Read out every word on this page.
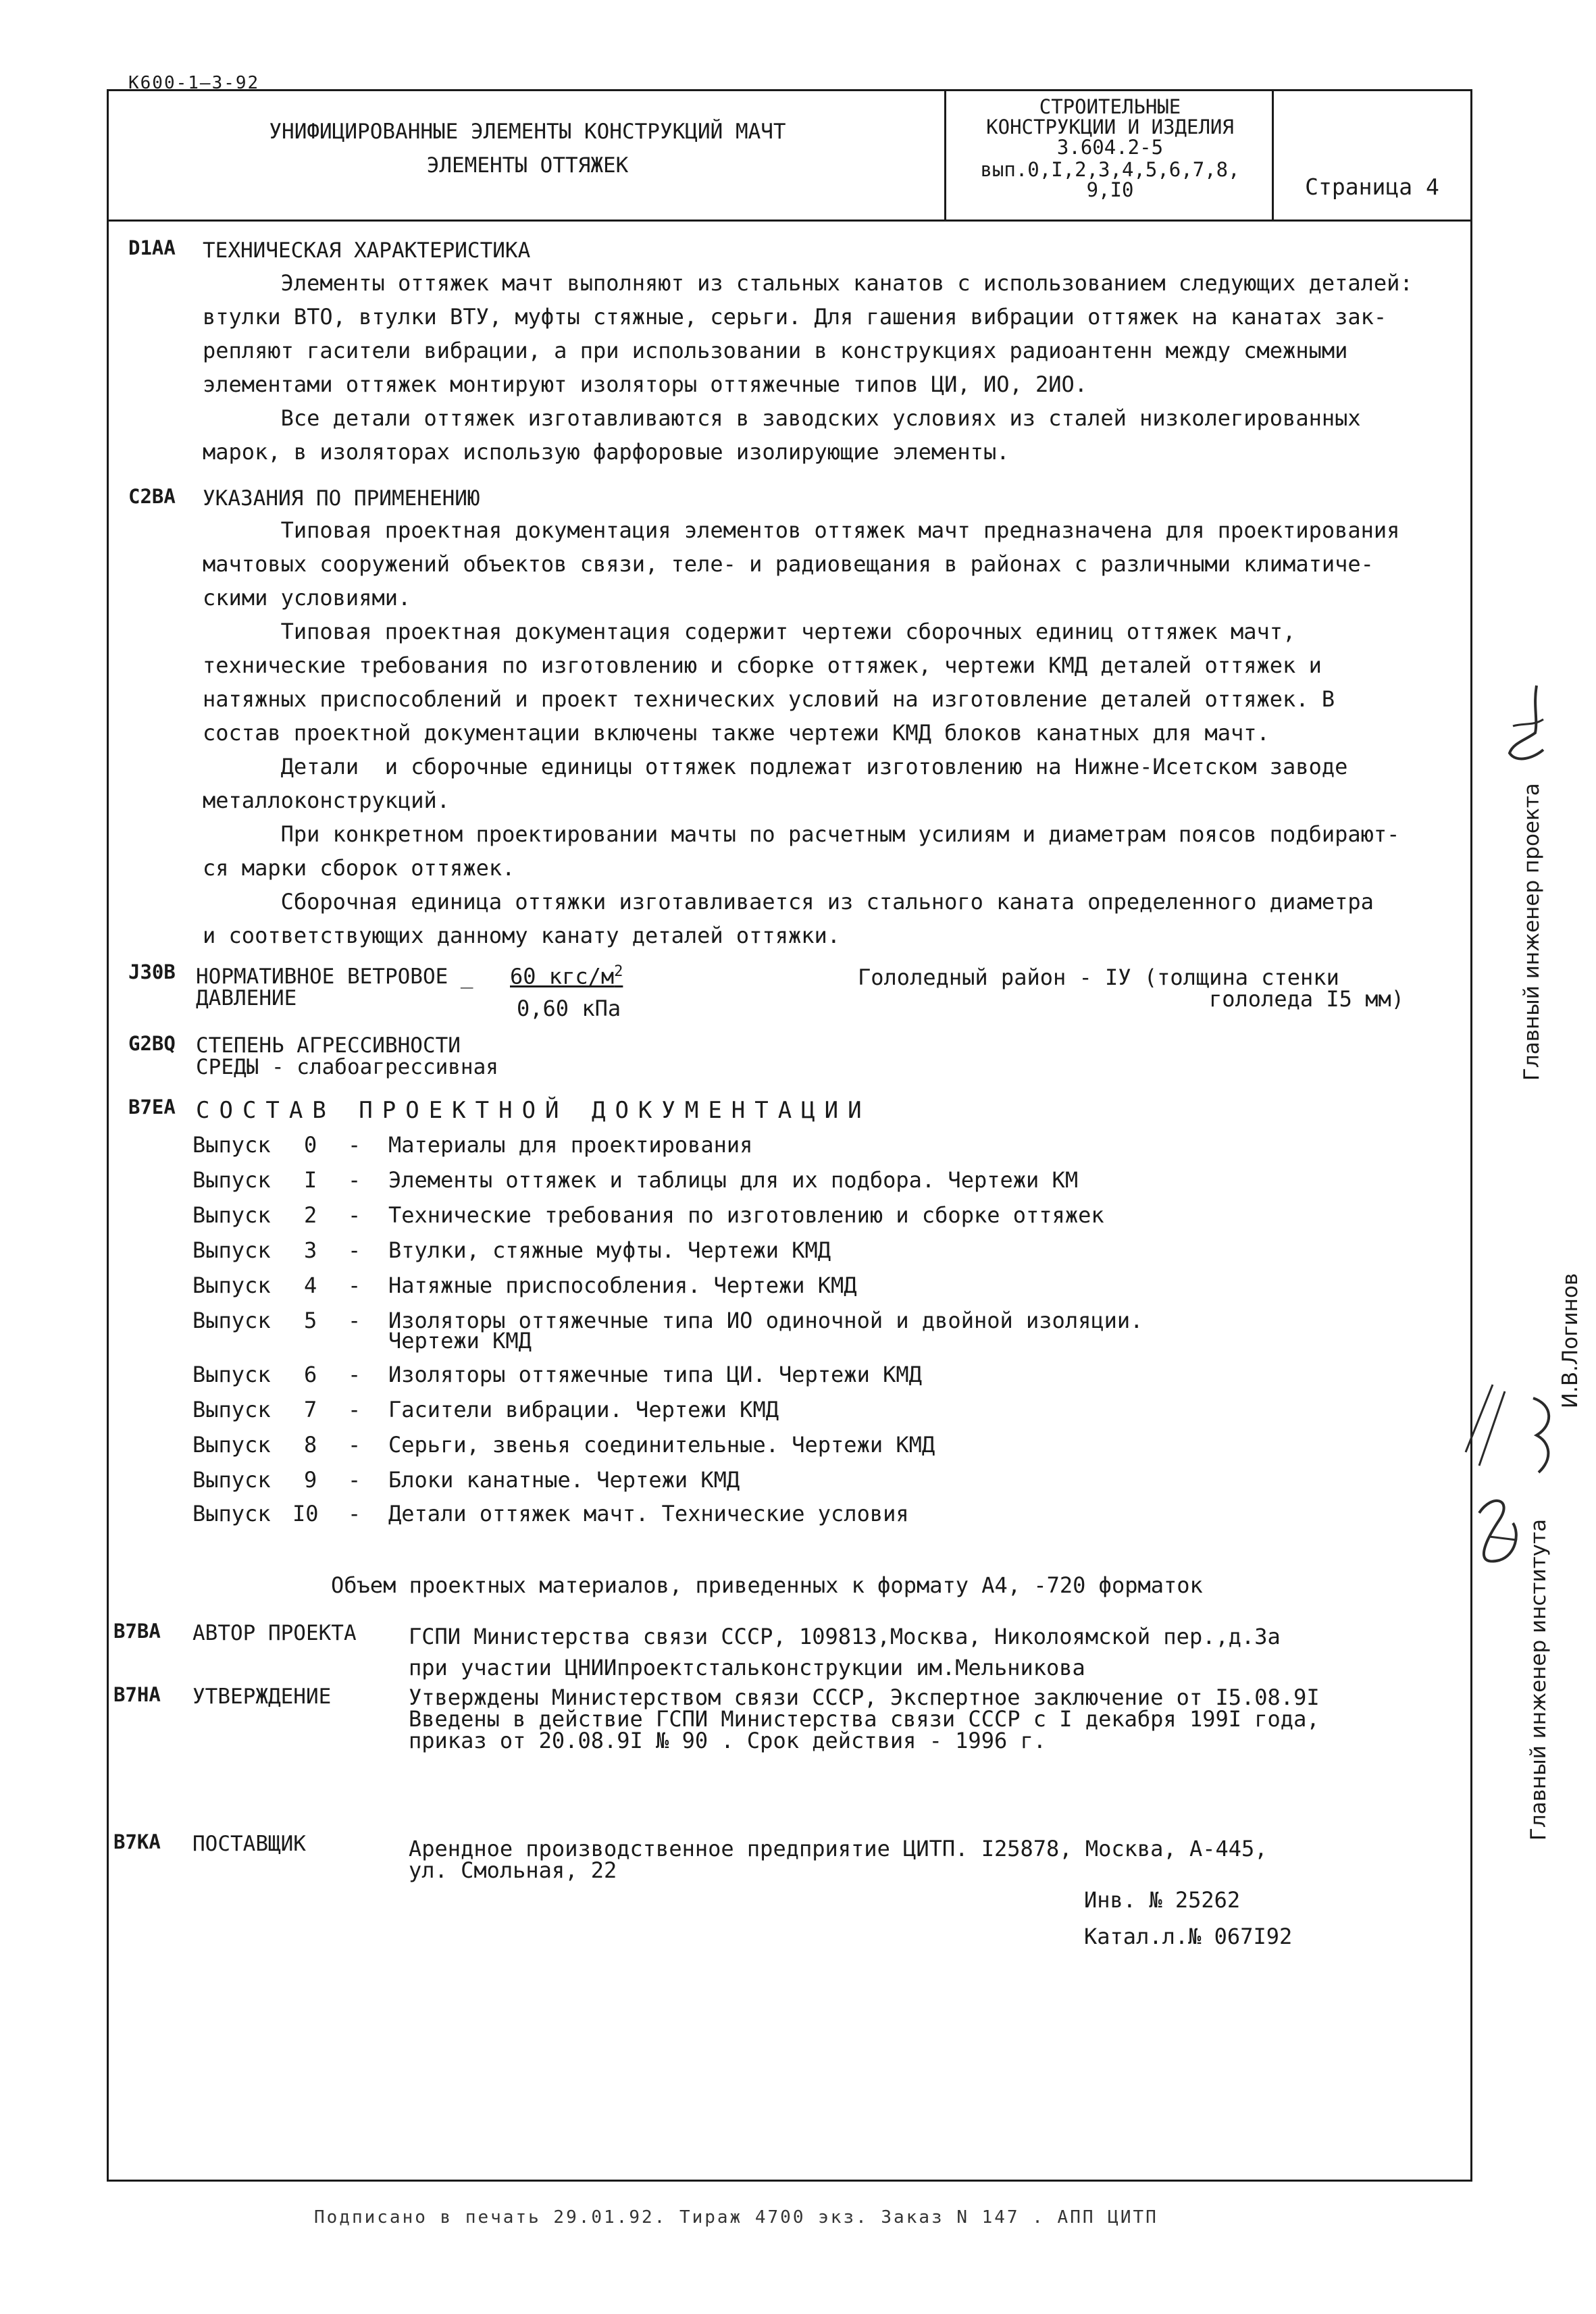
К600-1—3-92
УНИФИЦИРОВАННЫЕ ЭЛЕМЕНТЫ КОНСТРУКЦИЙ МАЧТ
ЭЛЕМЕНТЫ ОТТЯЖЕК
СТРОИТЕЛЬНЫЕ
КОНСТРУКЦИИ И ИЗДЕЛИЯ
3.604.2-5
вып.0,I,2,3,4,5,6,7,8,
9,I0	Страница 4
D1AA ТЕХНИЧЕСКАЯ ХАРАКТЕРИСТИКА

Элементы оттяжек мачт выполняют из стальных канатов с использованием следующих деталей:

втулки ВТО, втулки ВТУ, муфты стяжные, серьги. Для гашения вибрации оттяжек на канатах зак-

репляют гасители вибрации, а при использовании в конструкциях радиоантенн между смежными

элементами оттяжек монтируют изоляторы оттяжечные типов ЦИ, ИО, 2ИО.

Все детали оттяжек изготавливаются в заводских условиях из сталей низколегированных

марок, в изоляторах использую фарфоровые изолирующие элементы.

C2BA УКАЗАНИЯ ПО ПРИМЕНЕНИЮ

Типовая проектная документация элементов оттяжек мачт предназначена для проектирования

мачтовых сооружений объектов связи, теле- и радиовещания в районах с различными климатиче-

скими условиями.

Типовая проектная документация содержит чертежи сборочных единиц оттяжек мачт,

технические требования по изготовлению и сборке оттяжек, чертежи КМД деталей оттяжек и

натяжных приспособлений и проект технических условий на изготовление деталей оттяжек. В

состав проектной документации включены также чертежи КМД блоков канатных для мачт.

Детали  и сборочные единицы оттяжек подлежат изготовлению на Нижне-Исетском заводе

металлоконструкций.

При конкретном проектировании мачты по расчетным усилиям и диаметрам поясов подбирают-

ся марки сборок оттяжек.

Сборочная единица оттяжки изготавливается из стального каната определенного диаметра

и соответствующих данному канату деталей оттяжки.

J30B НОРМАТИВНОЕ ВЕТРОВОЕ _
ДАВЛЕНИЕ
60 кгс/$м^2$
0,60 кПа
Гололедный район - IУ (толщина стенки
гололеда I5 мм)
G2BQ СТЕПЕНЬ АГРЕССИВНОСТИ
СРЕДЫ - слабоагрессивная
B7EA СОСТАВ ПРОЕКТНОЙ ДОКУМЕНТАЦИИ
Выпуск 0 - Материалы для проектирования
Выпуск I - Элементы оттяжек и таблицы для их подбора. Чертежи КМ
Выпуск 2 - Технические требования по изготовлению и сборке оттяжек
Выпуск 3 - Втулки, стяжные муфты. Чертежи КМД
Выпуск 4 - Натяжные приспособления. Чертежи КМД
Выпуск 5 - Изоляторы оттяжечные типа ИО одиночной и двойной изоляции.
Чертежи КМД
Выпуск 6 - Изоляторы оттяжечные типа ЦИ. Чертежи КМД
Выпуск 7 - Гасители вибрации. Чертежи КМД
Выпуск 8 - Серьги, звенья соединительные. Чертежи КМД
Выпуск 9 - Блоки канатные. Чертежи КМД
Выпуск I0 - Детали оттяжек мачт. Технические условия
Объем проектных материалов, приведенных к формату А4, -720 форматок
B7BA АВТОР ПРОЕКТА ГСПИ Министерства связи СССР, 109813,Москва, Николоямской пер.,д.3а
при участии ЦНИИпроектстальконструкции им.Мельникова
B7HA УТВЕРЖДЕНИЕ	Утверждены Министерством связи СССР, Экспертное заключение от I5.08.9I
Введены в действие ГСПИ Министерства связи СССР с I декабря 199I года,
приказ от 20.08.9I № 90 . Срок действия - 1996 г.
B7KA ПОСТАВЩИК	Арендное производственное предприятие ЦИТП. I25878, Москва, А-445,
ул. Смольная, 22
Инв. № 25262
Катал.л.№ 067I92
Главный инженер проекта
Главный инженер института
И.В.Логинов
Подписано в печать 29.01.92. Тираж 4700 экз. Заказ N 147 . АПП ЦИТП
